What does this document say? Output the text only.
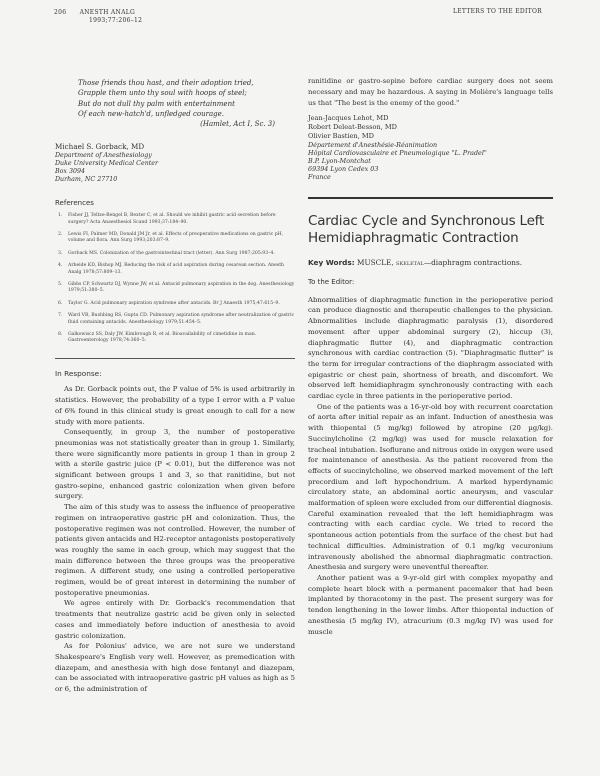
206 ANESTH ANALG
1993;77:206–12
LETTERS TO THE EDITOR
Those friends thou hast, and their adoption tried,
Grapple them unto thy soul with hoops of steel;
But do not dull thy palm with entertainment
Of each new-hatch'd, unfledged courage.
(Hamlet, Act I, Sc. 3)
Michael S. Gorback, MD
Department of Anesthesiology
Duke University Medical Center
Box 3094
Durham, NC 27710
References
1. Fisher JJ, Teltze-Bengel B, Bexter C, et al. Should we inhibit gastric acid secretion before surgery? Acta Anaesthesiol Scand 1993;37:184–90.
2. Lewis FI, Palmer MD, Donald JM Jr, et al. Effects of preoperative medications on gastric pH, volume and flora. Ann Surg 1993;203:87–9.
3. Gorback MS. Colonization of the gastrointestinal tract (letter). Ann Surg 1987;205:93–4.
4. Arbeide KD, Bishop MJ. Reducing the risk of acid aspiration during cesarean section. Anesth Analg 1978;57:809–13.
5. Gibbs CP, Schwartz DJ, Wynne JW, et al. Antacid pulmonary aspiration in the dog. Anesthesiology 1979;51:380–5.
6. Taylor G. Acid pulmonary aspiration syndrome after antacids. Br J Anaesth 1975;47:615–9.
7. Ward VB, Bushbing RS, Gupta CD. Pulmonary aspiration syndrome after neutralization of gastric fluid containing antacids. Anesthesiology 1979;51:454–5.
8. Galkowiscz SS, Daly JW, Kimbrough R, et al. Bioavailability of cimetidine in man. Gastroenterology 1978;74:360–5.
In Response:

As Dr. Gorback points out, the P value of 5% is used arbitrarily in statistics. However, the probability of a type I error with a P value of 6% found in this clinical study is great enough to call for a new study with more patients.

Consequently, in group 3, the number of postoperative pneumonias was not statistically greater than in group 1. Similarly, there were significantly more patients in group 1 than in group 2 with a sterile gastric juice (P < 0.01), but the difference was not significant between groups 1 and 3, so that ranitidine, but not gastro-sepine, enhanced gastric colonization when given before surgery.

The aim of this study was to assess the influence of preoperative regimen on intraoperative gastric pH and colonization. Thus, the postoperative regimen was not controlled. However, the number of patients given antacids and H2-receptor antagonists postoperatively was roughly the same in each group, which may suggest that the main difference between the three groups was the preoperative regimen. A different study, one using a controlled perioperative regimen, would be of great interest in determining the number of postoperative pneumonias.

We agree entirely with Dr. Gorback's recommendation that treatments that neutralize gastric acid be given only in selected cases and immediately before induction of anesthesia to avoid gastric colonization.

As for Polonius' advice, we are not sure we understand Shakespeare's English very well. However, as premedication with diazepam, and anesthesia with high dose fentanyl and diazepam, can be associated with intraoperative gastric pH values as high as 5 or 6, the administration of

ranitidine or gastro-sepine before cardiac surgery does not seem necessary and may be hazardous. A saying in Molière's language tells us that "The best is the enemy of the good."
Jean-Jacques Lehot, MD
Robert Deleat-Besson, MD
Olivier Bastien, MD
Département d'Anesthésie-Réanimation
Hôpital Cardiovasculaire et Pneumologique "L. Pradel"
B.P. Lyon-Montchat
69394 Lyon Cedex 03
France
Cardiac Cycle and Synchronous Left Hemidiaphragmatic Contraction
Key Words: MUSCLE, skeletal—diaphragm contractions.
To the Editor:

Abnormalities of diaphragmatic function in the perioperative period can produce diagnostic and therapeutic challenges to the physician. Abnormalities include diaphragmatic paralysis (1), disordered movement after upper abdominal surgery (2), hiccup (3), diaphragmatic flutter (4), and diaphragmatic contraction synchronous with cardiac contraction (5). "Diaphragmatic flutter" is the term for irregular contractions of the diaphragm associated with epigastric or chest pain, shortness of breath, and discomfort. We observed left hemidiaphragm synchronously contracting with each cardiac cycle in three patients in the perioperative period.

One of the patients was a 16-yr-old boy with recurrent coarctation of aorta after initial repair as an infant. Induction of anesthesia was with thiopental (5 mg/kg) followed by atropine (20 µg/kg). Succinylcholine (2 mg/kg) was used for muscle relaxation for tracheal intubation. Isoflurane and nitrous oxide in oxygen were used for maintenance of anesthesia. As the patient recovered from the effects of succinylcholine, we observed marked movement of the left precordium and left hypochondrium. A marked hyperdynamic circulatory state, an abdominal aortic aneurysm, and vascular malformation of spleen were excluded from our differential diagnosis. Careful examination revealed that the left hemidiaphragm was contracting with each cardiac cycle. We tried to record the spontaneous action potentials from the surface of the chest but had technical difficulties. Administration of 0.1 mg/kg vecuronium intravenously abolished the abnormal diaphragmatic contraction. Anesthesia and surgery were uneventful thereafter.

Another patient was a 9-yr-old girl with complex myopathy and complete heart block with a permanent pacemaker that had been implanted by thoracotomy in the past. The present surgery was for tendon lengthening in the lower limbs. After thiopental induction of anesthesia (5 mg/kg IV), atracurium (0.3 mg/kg IV) was used for muscle
